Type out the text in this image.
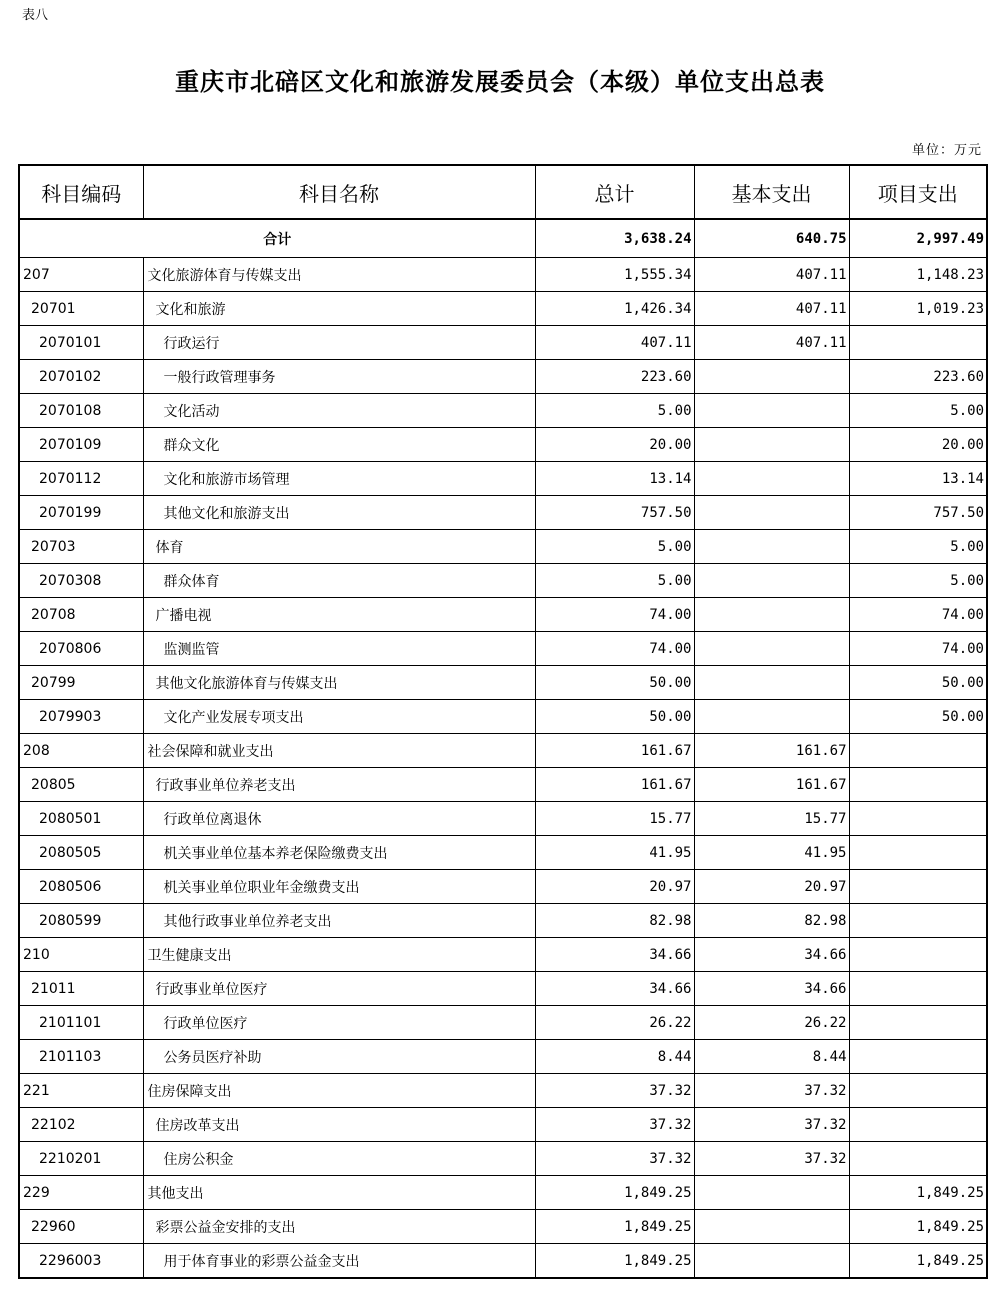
表八
重庆市北碚区文化和旅游发展委员会（本级）单位支出总表
单位：万元
科目编码	科目名称	总计	基本支出	项目支出
合计		3,638.24	640.75	2,997.49
207	文化旅游体育与传媒支出	1,555.34	407.11	1,148.23
20701	文化和旅游	1,426.34	407.11	1,019.23
2070101	行政运行	407.11	407.11	
2070102	一般行政管理事务	223.60		223.60
2070108	文化活动	5.00		5.00
2070109	群众文化	20.00		20.00
2070112	文化和旅游市场管理	13.14		13.14
2070199	其他文化和旅游支出	757.50		757.50
20703	体育	5.00		5.00
2070308	群众体育	5.00		5.00
20708	广播电视	74.00		74.00
2070806	监测监管	74.00		74.00
20799	其他文化旅游体育与传媒支出	50.00		50.00
2079903	文化产业发展专项支出	50.00		50.00
208	社会保障和就业支出	161.67	161.67	
20805	行政事业单位养老支出	161.67	161.67	
2080501	行政单位离退休	15.77	15.77	
2080505	机关事业单位基本养老保险缴费支出	41.95	41.95	
2080506	机关事业单位职业年金缴费支出	20.97	20.97	
2080599	其他行政事业单位养老支出	82.98	82.98	
210	卫生健康支出	34.66	34.66	
21011	行政事业单位医疗	34.66	34.66	
2101101	行政单位医疗	26.22	26.22	
2101103	公务员医疗补助	8.44	8.44	
221	住房保障支出	37.32	37.32	
22102	住房改革支出	37.32	37.32	
2210201	住房公积金	37.32	37.32	
229	其他支出	1,849.25		1,849.25
22960	彩票公益金安排的支出	1,849.25		1,849.25
2296003	用于体育事业的彩票公益金支出	1,849.25		1,849.25
